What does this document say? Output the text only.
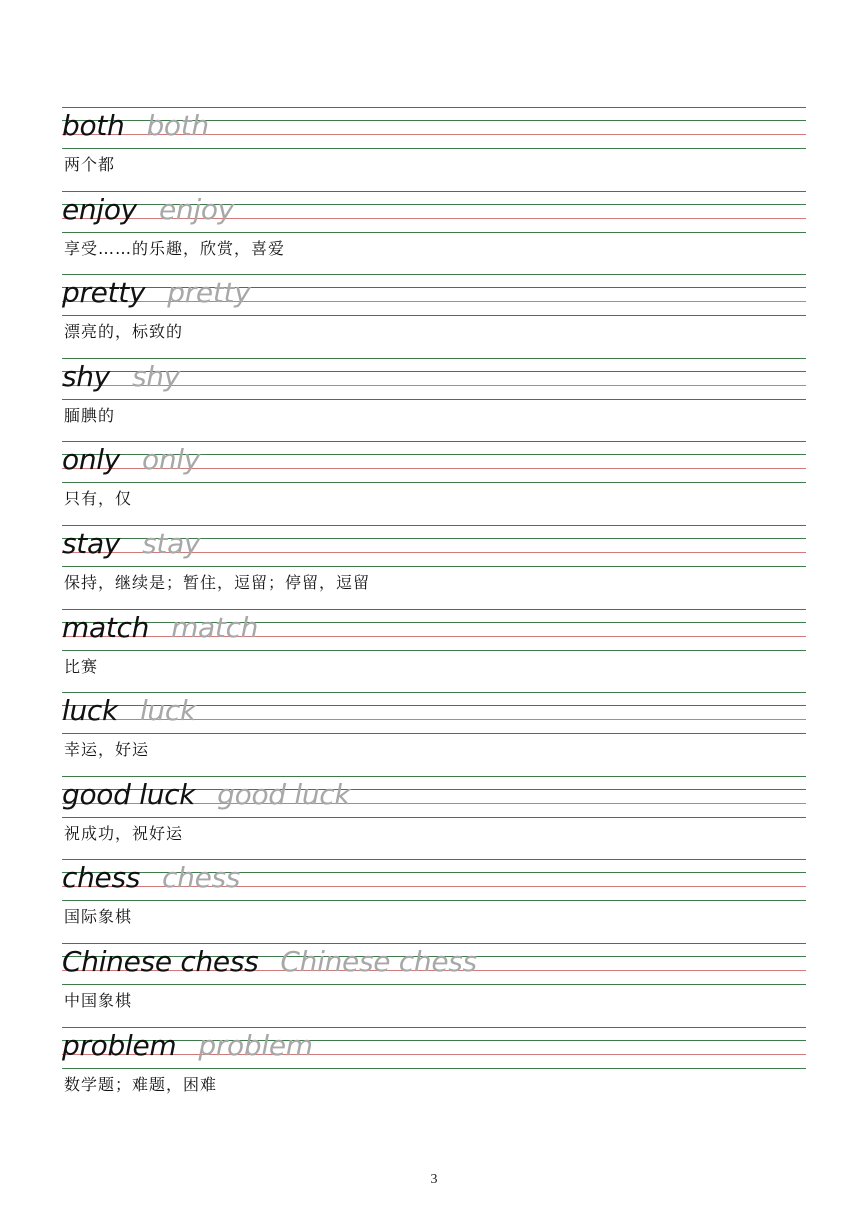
both both
两个都
enjoy enjoy
享受……的乐趣，欣赏，喜爱
pretty pretty
漂亮的，标致的
shy shy
腼腆的
only only
只有，仅
stay stay
保持，继续是；暂住，逗留；停留，逗留
match match
比赛
luck luck
幸运，好运
good luck good luck
祝成功，祝好运
chess chess
国际象棋
Chinese chess Chinese chess
中国象棋
problem problem
数学题；难题，困难
3
